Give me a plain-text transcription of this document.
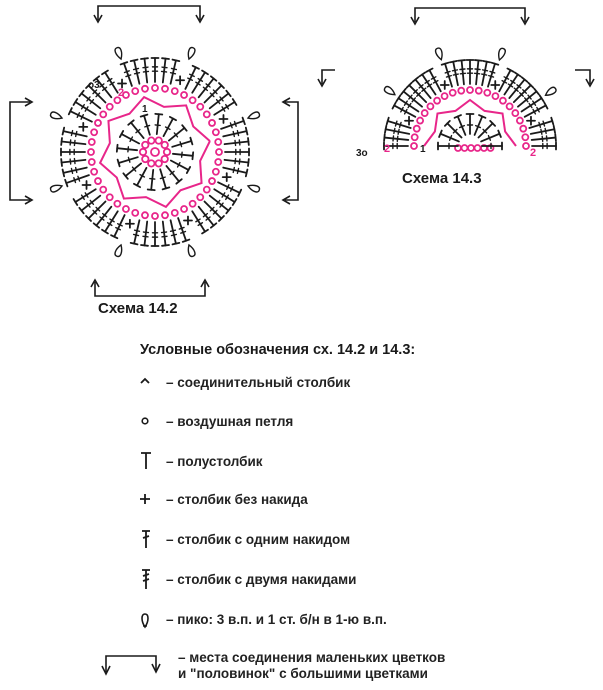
о3
2
1
3о 2	1	2
Схема 14.2
Схема 14.3
Условные обозначения сх. 14.2 и 14.3:
– соединительный столбик
– воздушная петля
– полустолбик
– столбик без накида
– столбик с одним накидом
– столбик с двумя накидами
– пико: 3 в.п. и 1 ст. б/н в 1-ю в.п.
– места соединения маленьких цветков
и "половинок" с большими цветками
